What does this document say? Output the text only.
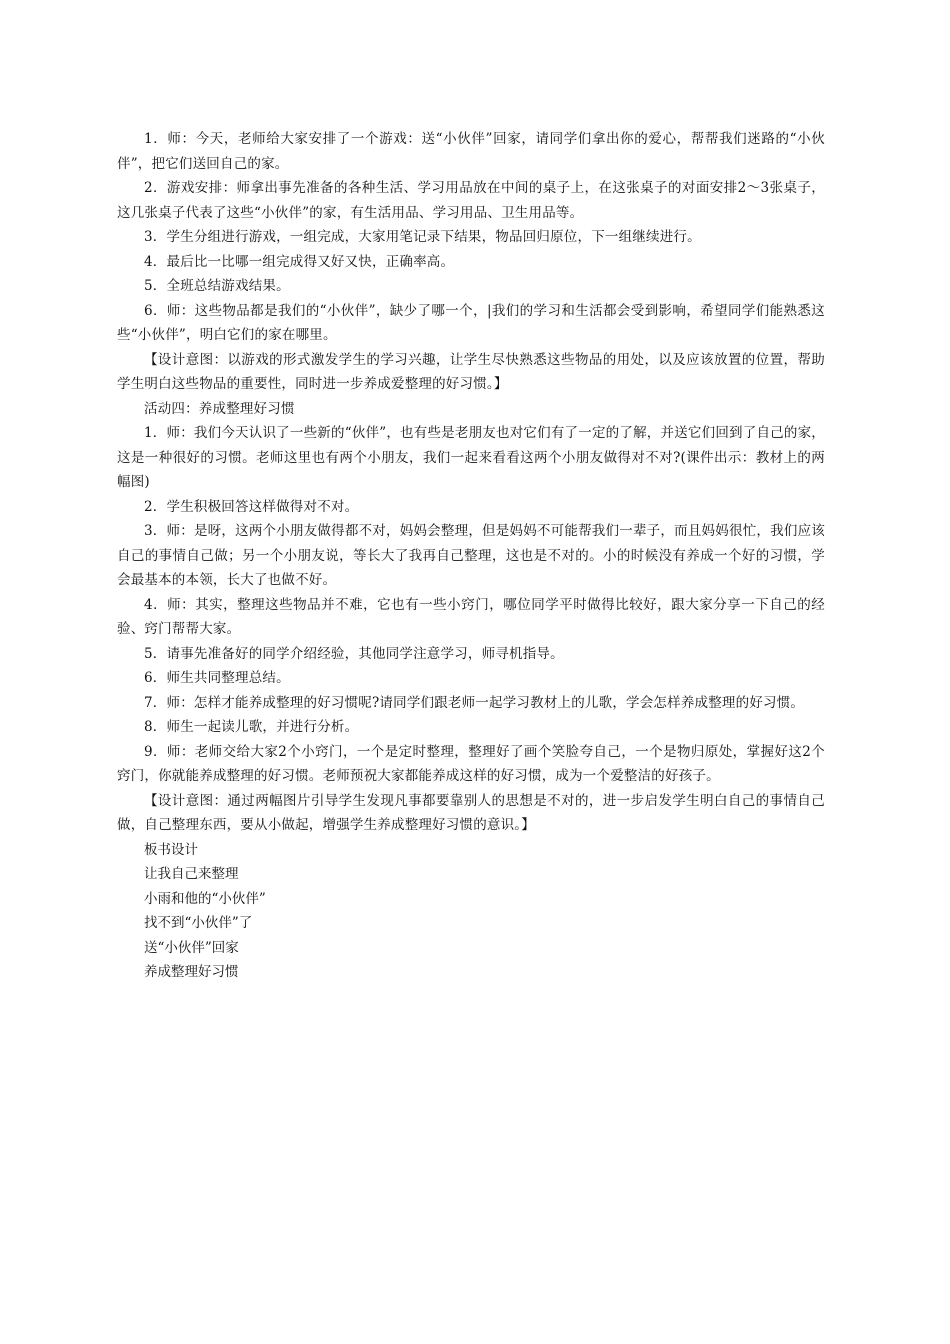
1．师：今天，老师给大家安排了一个游戏：送“小伙伴”回家，请同学们拿出你的爱心，帮帮我们迷路的“小伙伴”，把它们送回自己的家。

2．游戏安排：师拿出事先准备的各种生活、学习用品放在中间的桌子上，在这张桌子的对面安排2～3张桌子，这几张桌子代表了这些“小伙伴”的家，有生活用品、学习用品、卫生用品等。

3．学生分组进行游戏，一组完成，大家用笔记录下结果，物品回归原位，下一组继续进行。

4．最后比一比哪一组完成得又好又快，正确率高。

5．全班总结游戏结果。

6．师：这些物品都是我们的“小伙伴”，缺少了哪一个，|我们的学习和生活都会受到影响，希望同学们能熟悉这些“小伙伴”，明白它们的家在哪里。

【设计意图：以游戏的形式激发学生的学习兴趣，让学生尽快熟悉这些物品的用处，以及应该放置的位置，帮助学生明白这些物品的重要性，同时进一步养成爱整理的好习惯。】

活动四：养成整理好习惯

1．师：我们今天认识了一些新的“伙伴”，也有些是老朋友也对它们有了一定的了解，并送它们回到了自己的家，这是一种很好的习惯。老师这里也有两个小朋友，我们一起来看看这两个小朋友做得对不对?(课件出示：教材上的两幅图)

2．学生积极回答这样做得对不对。

3．师：是呀，这两个小朋友做得都不对，妈妈会整理，但是妈妈不可能帮我们一辈子，而且妈妈很忙，我们应该自己的事情自己做；另一个小朋友说，等长大了我再自己整理，这也是不对的。小的时候没有养成一个好的习惯，学会最基本的本领，长大了也做不好。

4．师：其实，整理这些物品并不难，它也有一些小窍门，哪位同学平时做得比较好，跟大家分享一下自己的经验、窍门帮帮大家。

5．请事先准备好的同学介绍经验，其他同学注意学习，师寻机指导。

6．师生共同整理总结。

7．师：怎样才能养成整理的好习惯呢?请同学们跟老师一起学习教材上的儿歌，学会怎样养成整理的好习惯。

8．师生一起读儿歌，并进行分析。

9．师：老师交给大家2个小窍门，一个是定时整理，整理好了画个笑脸夸自己，一个是物归原处，掌握好这2个窍门，你就能养成整理的好习惯。老师预祝大家都能养成这样的好习惯，成为一个爱整洁的好孩子。

【设计意图：通过两幅图片引导学生发现凡事都要靠别人的思想是不对的，进一步启发学生明白自己的事情自己做，自己整理东西，要从小做起，增强学生养成整理好习惯的意识。】

板书设计

让我自己来整理

小雨和他的“小伙伴”

找不到“小伙伴”了

送“小伙伴”回家

养成整理好习惯
